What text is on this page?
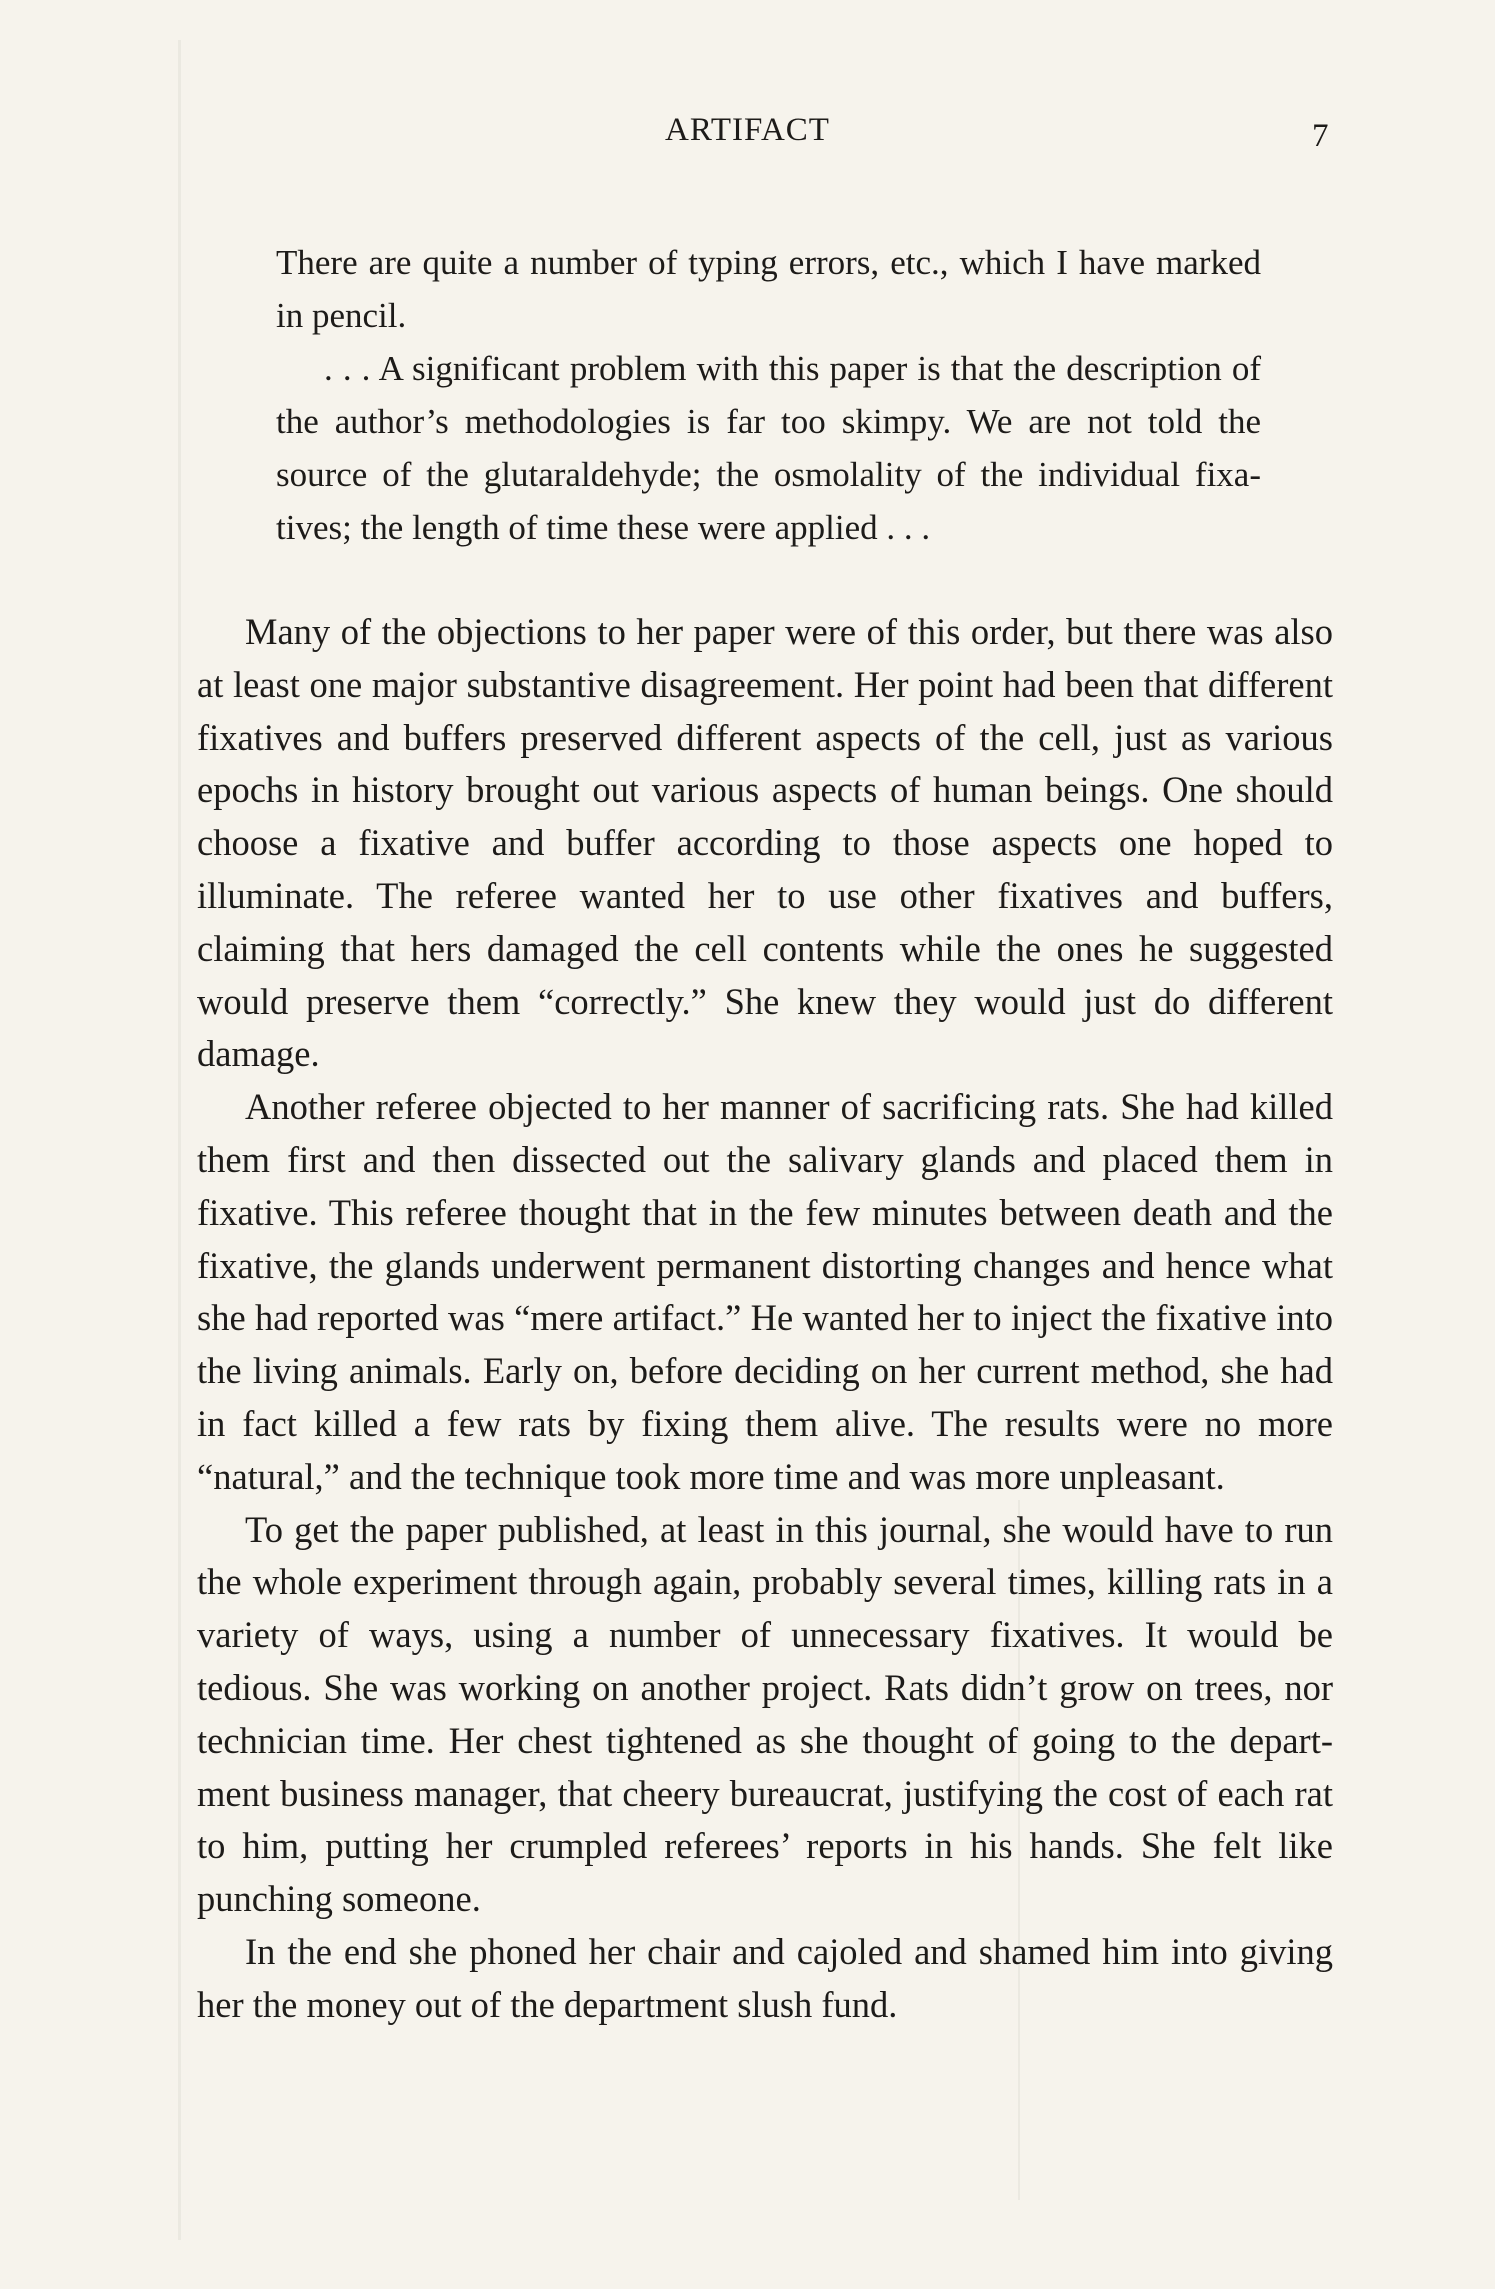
ARTIFACT	7

There are quite a number of typing errors, etc., which I have marked in pencil.

. . . A significant problem with this paper is that the description of the author’s methodologies is far too skimpy. We are not told the source of the glutaraldehyde; the osmolality of the individual fixatives; the length of time these were applied . . .

Many of the objections to her paper were of this order, but there was also at least one major substantive disagreement. Her point had been that different fixatives and buffers preserved different aspects of the cell, just as various epochs in history brought out various aspects of human beings. One should choose a fixative and buffer according to those aspects one hoped to illuminate. The referee wanted her to use other fixatives and buffers, claiming that hers damaged the cell contents while the ones he suggested would preserve them “correctly.” She knew they would just do different damage.

Another referee objected to her manner of sacrificing rats. She had killed them first and then dissected out the salivary glands and placed them in fixative. This referee thought that in the few minutes between death and the fixative, the glands underwent permanent distorting changes and hence what she had reported was “mere artifact.” He wanted her to inject the fixative into the living animals. Early on, before deciding on her current method, she had in fact killed a few rats by fixing them alive. The results were no more “natural,” and the technique took more time and was more unpleasant.

To get the paper published, at least in this journal, she would have to run the whole experiment through again, probably several times, killing rats in a variety of ways, using a number of unnecessary fixatives. It would be tedious. She was working on another project. Rats didn’t grow on trees, nor technician time. Her chest tightened as she thought of going to the department business manager, that cheery bureaucrat, justifying the cost of each rat to him, putting her crumpled referees’ reports in his hands. She felt like punching someone.

In the end she phoned her chair and cajoled and shamed him into giving her the money out of the department slush fund.
